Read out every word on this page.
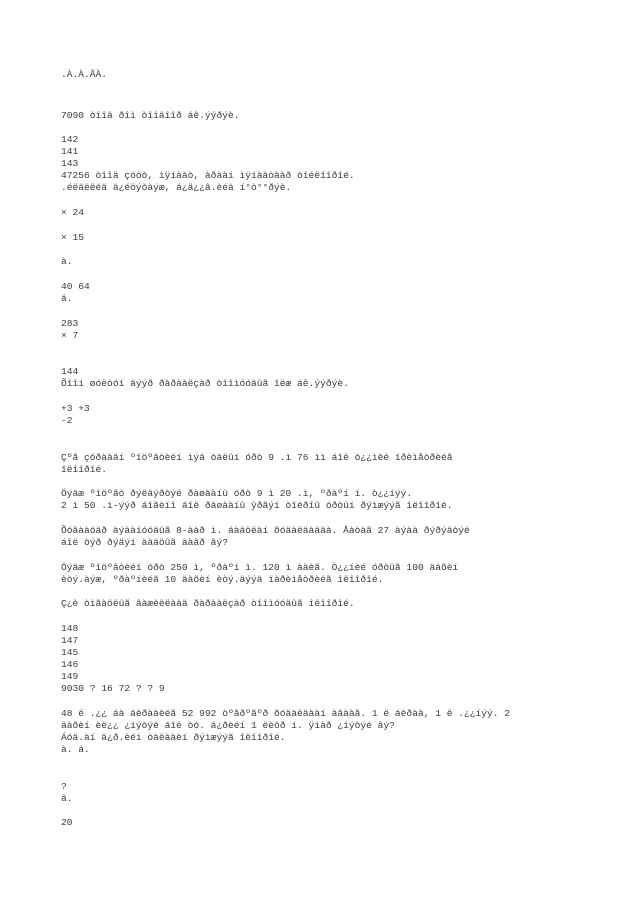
.À.À.ÃÀ.
7090 òîîä ðîì òîîäîîð áê.ýýðýè.
142
141
143
47256 òîîä çóóò, ìÿíààò, àðààí ìÿíààòààð òîéëîîðîé.
.éëäëëéä ä¿éöýòàýæ, á¿ä¿¿â.èéä í°ò°°ðýè.
× 24
× 15
à.
40 64
á.
283
× 7
144
Õîîí øóëòóí äýýð ðàðààëçàð òîîìóóäûã îëæ áê.ýýðýè.
+3 +3
-2
Çºã çóðààäí ºîöºâòèéí ìýä òàëûí óðò 9 .ì 76 ìì áîë ò¿¿ìèé ïðèìåòðèéã
îëîîðîé.
Öýäæ ºîöºâò ðýëäýðòýé ðàøààíû óðò 9 ì 20 .ì, ºðàºí í. ò¿¿íýý.
2 ì 50 .ì-ýýð áîãèíî áîë ðàøààíû ÿðãýí òîéðîû óðòûí ðýìæýýã îëîîðîé.
Õóâààóäð àýààíóóäûã 8-ààð ì. áàäöëàí õóäàëäàääà. Åàòàã 27 àýàà ðýðýäòýé
áîë òýð ðýäýí ààäöûã ààâð âý?
Öýäæ ºîöºâòèéí óðò 250 ì, ºðàºí ì. 120 ì ààèã. Ò¿¿íèé óðòûã 100 äàõèí
èòý.àýæ, ºðàºíèéã 10 äàõèí èòý.äýýä ïàðèìåòðèéã îëîîðîé.
Ç¿è òìãàöëûã âàæèëëààä ðàðààëçàð òîîìóóäûã îëîîðîé.
148
147
145
146
149
9030 ? 16 72 ? ? 9
48 ë .¿¿ áà áèðààèéã 52 992 òºãðºãºð õóäàëäààí àâààã. 1 ë áèðàà, 1 ë .¿¿íýý. 2
äàõèí èë¿¿ ¿íýòýé áîë òó. á¿ðèéí 1 ëèòð í. ÿìàð ¿íýòýé âý?
Áóä.àí ä¿ð.èéí òàëààèí ðýìæýýã îëîîðîé.
à. á.
?
â.
20
